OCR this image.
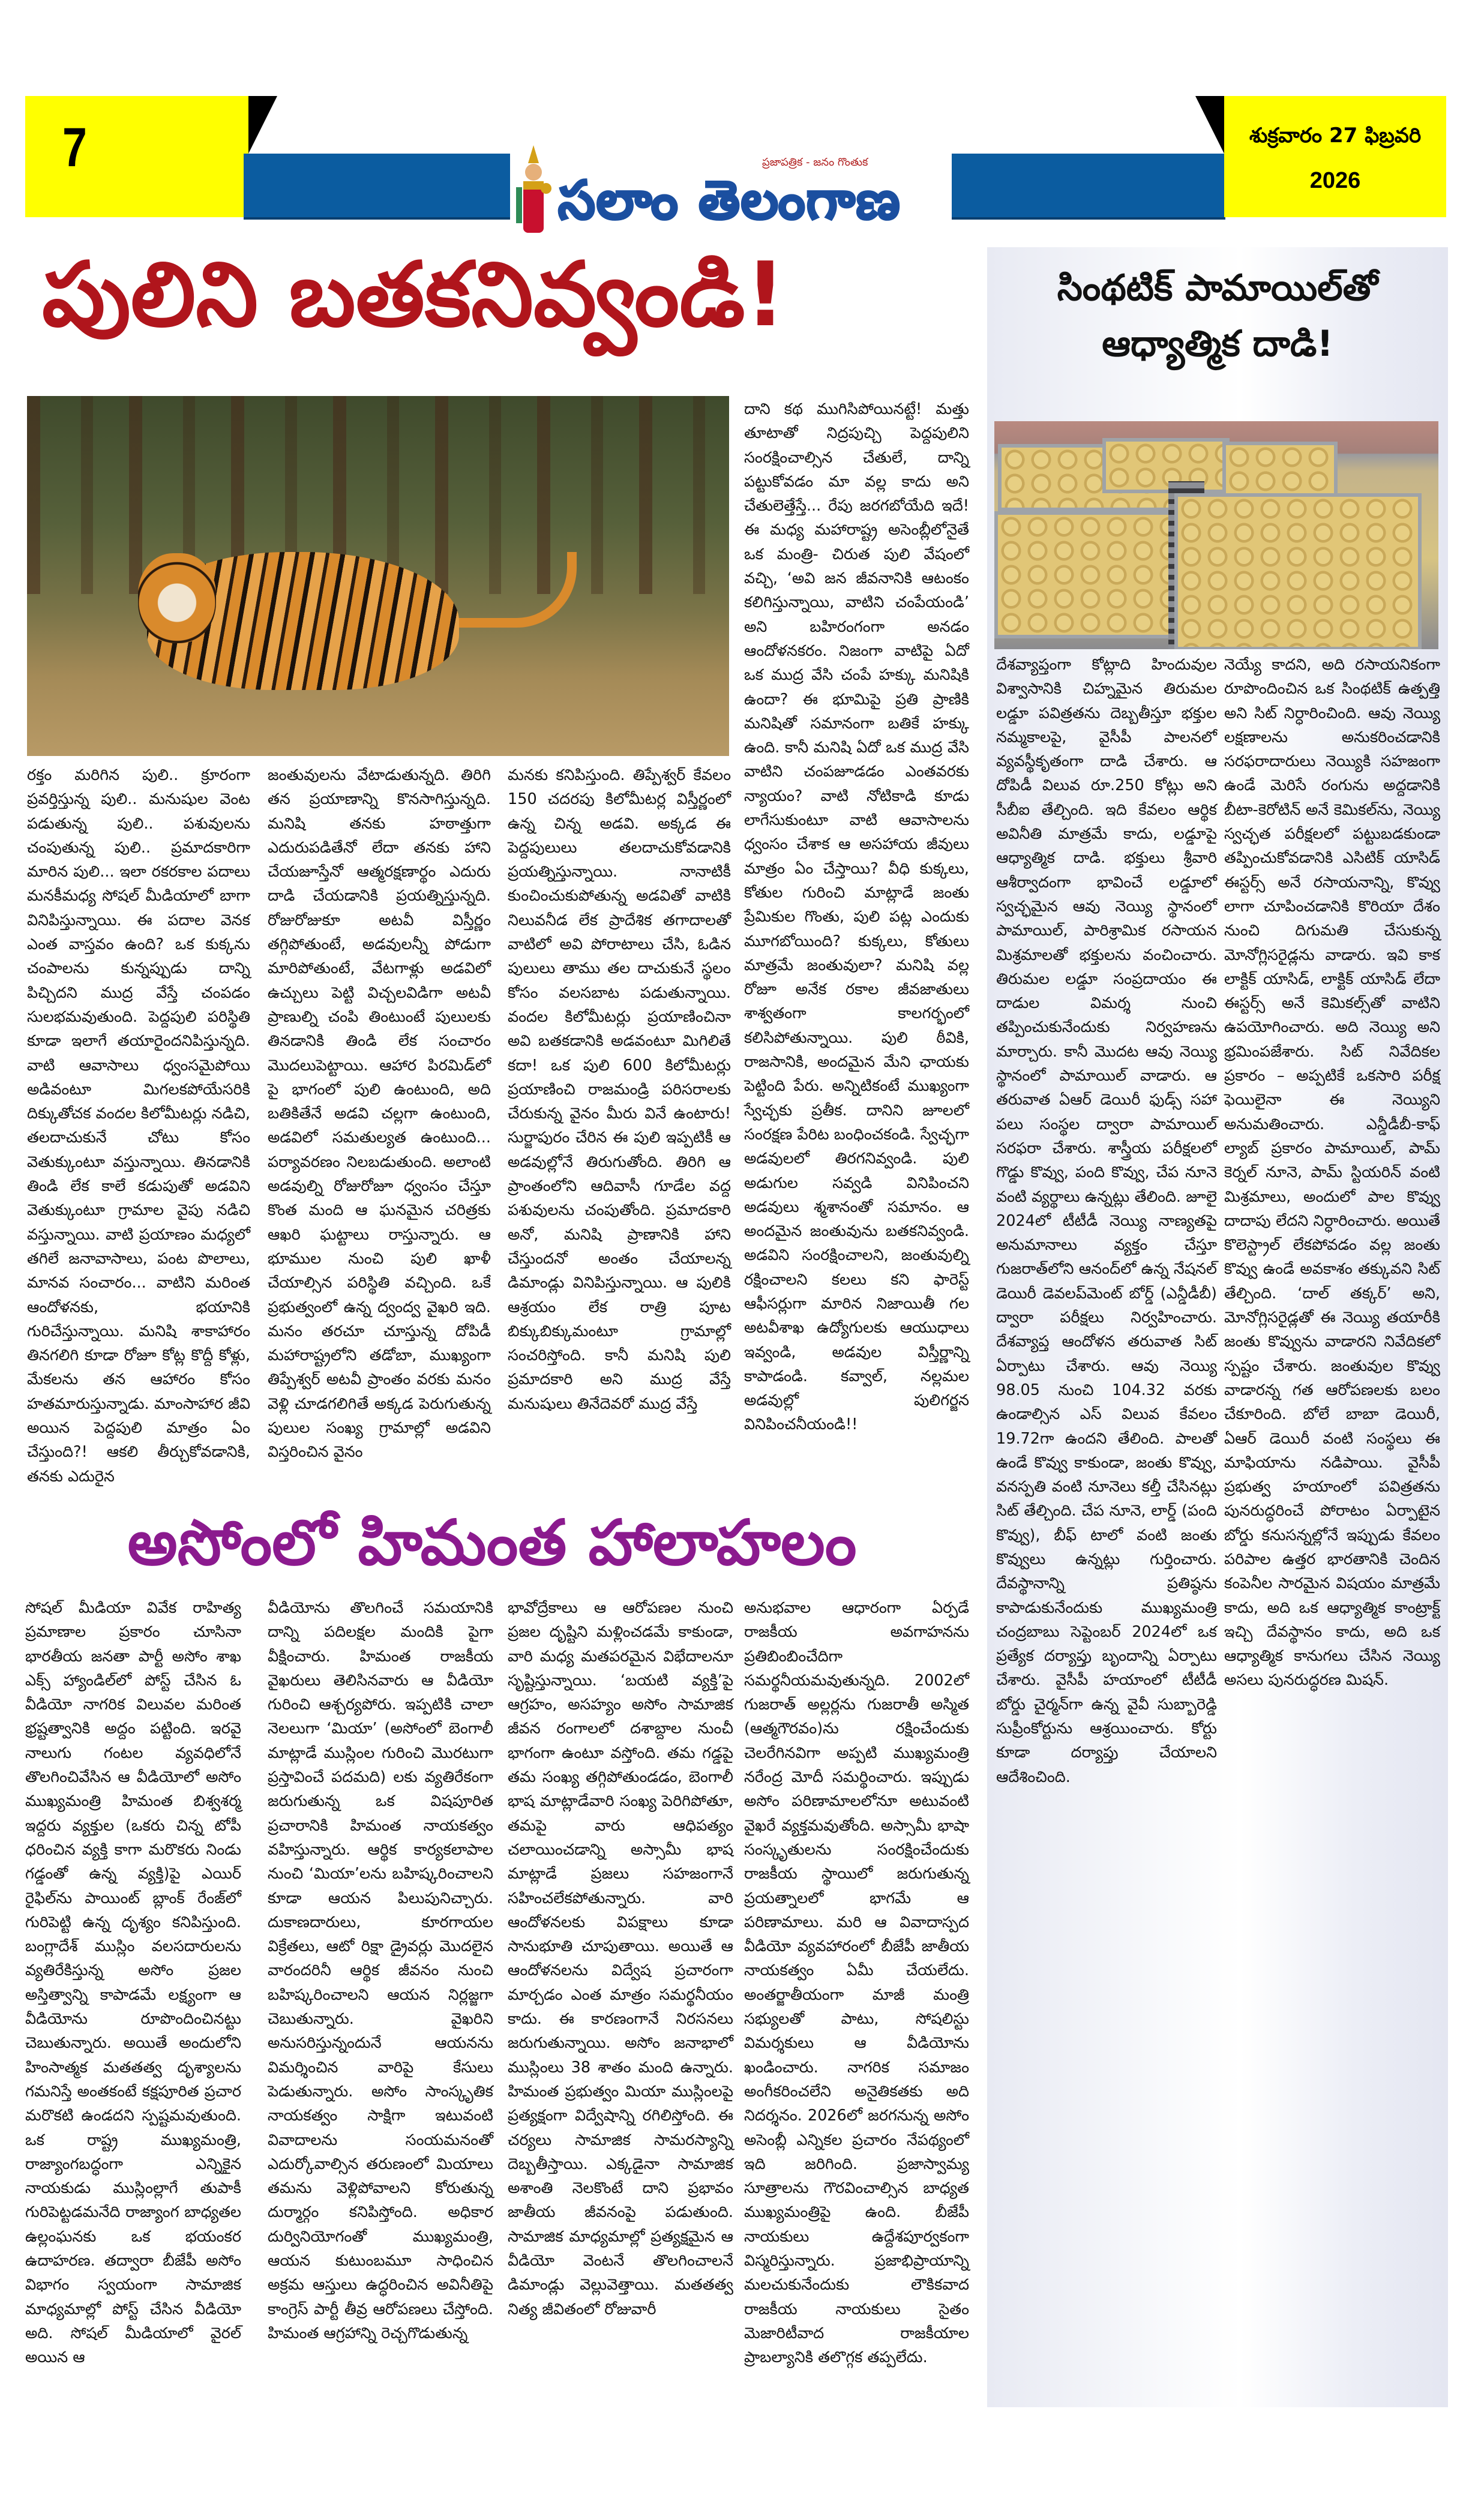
7	ప్రజాపత్రిక - జనం గొంతుక
సలాం తెలంగాణ
శుక్రవారం 27 ఫిబ్రవరి
2026
పులిని బతకనివ్వండి!

రక్తం మరిగిన పులి.. క్రూరంగా ప్రవర్తిస్తున్న పులి.. మనుషుల వెంట పడుతున్న పులి.. పశువులను చంపుతున్న పులి.. ప్రమాదకారిగా మారిన పులి... ఇలా రకరకాల పదాలు మనకీమధ్య సోషల్ మీడియాలో బాగా వినిపిస్తున్నాయి. ఈ పదాల వెనక ఎంత వాస్తవం ఉంది? ఒక కుక్కను చంపాలను కున్నప్పుడు దాన్ని పిచ్చిదని ముద్ర వేస్తే చంపడం సులభమవుతుంది. పెద్దపులి పరిస్థితి కూడా ఇలాగే తయారైందనిపిస్తున్నది. వాటి ఆవాసాలు ధ్వంసమైపోయి అడివంటూ మిగలకపోయేసరికి దిక్కుతోచక వందల కిలోమీటర్లు నడిచి, తలదాచుకునే చోటు కోసం వెతుక్కుంటూ వస్తున్నాయి. తినడానికి తిండి లేక కాలే కడుపుతో అడవిని వెతుక్కుంటూ గ్రామాల వైపు నడిచి వస్తున్నాయి. వాటి ప్రయాణం మధ్యలో తగిలే జనావాసాలు, పంట పొలాలు, మానవ సంచారం... వాటిని మరింత ఆందోళనకు, భయానికి గురిచేస్తున్నాయి. మనిషి శాకాహారం తినగలిగి కూడా రోజూ కోట్ల కొద్దీ కోళ్లు, మేకలను తన ఆహారం కోసం హతమారుస్తున్నాడు. మాంసాహార జీవి అయిన పెద్దపులి మాత్రం ఏం చేస్తుంది?! ఆకలి తీర్చుకోవడానికి, తనకు ఎదురైన

జంతువులను వేటాడుతున్నది. తిరిగి తన ప్రయాణాన్ని కొనసాగిస్తున్నది. మనిషి తనకు హఠాత్తుగా ఎదురుపడితేనో లేదా తనకు హాని చేయజూస్తేనో ఆత్మరక్షణార్థం ఎదురు దాడి చేయడానికి ప్రయత్నిస్తున్నది. రోజురోజుకూ అటవీ విస్తీర్ణం తగ్గిపోతుంటే, అడవులన్నీ పోడుగా మారిపోతుంటే, వేటగాళ్లు అడవిలో ఉచ్చులు పెట్టి విచ్చలవిడిగా అటవీ ప్రాణుల్ని చంపి తింటుంటే పులులకు తినడానికి తిండి లేక సంచారం మొదలుపెట్టాయి. ఆహార పిరమిడ్‌లో పై భాగంలో పులి ఉంటుంది, అది బతికితేనే అడవి చల్లగా ఉంటుంది, అడవిలో సమతుల్యత ఉంటుంది... పర్యావరణం నిలబడుతుంది. అలాంటి అడవుల్ని రోజురోజూ ధ్వంసం చేస్తూ కొంత మంది ఆ ఘనమైన చరిత్రకు ఆఖరి ఘట్టాలు రాస్తున్నారు. ఆ భూముల నుంచి పులి ఖాళీ చేయాల్సిన పరిస్థితి వచ్చింది. ఒకే ప్రభుత్వంలో ఉన్న ద్వంద్వ వైఖరి ఇది. మనం తరచూ చూస్తున్న దోపిడీ మహారాష్ట్రలోని తడోబా, ముఖ్యంగా తిప్పేశ్వర్ అటవీ ప్రాంతం వరకు మనం వెళ్లి చూడగలిగితే అక్కడ పెరుగుతున్న పులుల సంఖ్య గ్రామాల్లో అడవిని విస్తరించిన వైనం

మనకు కనిపిస్తుంది. తిప్పేశ్వర్ కేవలం 150 చదరపు కిలోమీటర్ల విస్తీర్ణంలో ఉన్న చిన్న అడవి. అక్కడ ఈ పెద్దపులులు తలదాచుకోవడానికి ప్రయత్నిస్తున్నాయి. నానాటికీ కుంచించుకుపోతున్న అడవితో వాటికి నిలువనీడ లేక ప్రాదేశిక తగాదాలతో వాటిలో అవి పోరాటాలు చేసి, ఓడిన పులులు తాము తల దాచుకునే స్థలం కోసం వలసబాట పడుతున్నాయి. వందల కిలోమీటర్లు ప్రయాణించినా అవి బతకడానికి అడవంటూ మిగిలితే కదా! ఒక పులి 600 కిలోమీటర్లు ప్రయాణించి రాజమండ్రి పరిసరాలకు చేరుకున్న వైనం మీరు వినే ఉంటారు! సుర్జాపురం చేరిన ఈ పులి ఇప్పటికీ ఆ అడవుల్లోనే తిరుగుతోంది. తిరిగి ఆ ప్రాంతంలోని ఆదివాసీ గూడేల వద్ద పశువులను చంపుతోంది. ప్రమాదకారి అనో, మనిషి ప్రాణానికి హాని చేస్తుందనో అంతం చేయాలన్న డిమాండ్లు వినిపిస్తున్నాయి. ఆ పులికి ఆశ్రయం లేక రాత్రి పూట బిక్కుబిక్కుమంటూ గ్రామాల్లో సంచరిస్తోంది. కానీ మనిషి పులి ప్రమాదకారి అని ముద్ర వేస్తే మనుషులు తినేదెవరో ముద్ర వేస్తే

దాని కథ ముగిసిపోయినట్టే! మత్తు తూటాతో నిద్రపుచ్చి పెద్దపులిని సంరక్షించాల్సిన చేతులే, దాన్ని పట్టుకోవడం మా వల్ల కాదు అని చేతులెత్తేస్తే... రేపు జరగబోయేది ఇదే! ఈ మధ్య మహారాష్ట్ర అసెంబ్లీలోనైతే ఒక మంత్రి- చిరుత పులి వేషంలో వచ్చి, ‘అవి జన జీవనానికి ఆటంకం కలిగిస్తున్నాయి, వాటిని చంపేయండి’ అని బహిరంగంగా అనడం ఆందోళనకరం. నిజంగా వాటిపై ఏదో ఒక ముద్ర వేసి చంపే హక్కు మనిషికి ఉందా? ఈ భూమిపై ప్రతి ప్రాణికి మనిషితో సమానంగా బతికే హక్కు ఉంది. కానీ మనిషి ఏదో ఒక ముద్ర వేసి వాటిని చంపజూడడం ఎంతవరకు న్యాయం? వాటి నోటికాడి కూడు లాగేసుకుంటూ వాటి ఆవాసాలను ధ్వంసం చేశాక ఆ అసహాయ జీవులు మాత్రం ఏం చేస్తాయి? వీధి కుక్కలు, కోతుల గురించి మాట్లాడే జంతు ప్రేమికుల గొంతు, పులి పట్ల ఎందుకు మూగబోయింది? కుక్కలు, కోతులు మాత్రమే జంతువులా? మనిషి వల్ల రోజూ అనేక రకాల జీవజాతులు శాశ్వతంగా కాలగర్భంలో కలిసిపోతున్నాయి. పులి ఠీవికి, రాజసానికి, అందమైన మేని ఛాయకు పెట్టింది పేరు. అన్నిటికంటే ముఖ్యంగా స్వేచ్ఛకు ప్రతీక. దానిని జూలలో సంరక్షణ పేరిట బంధించకండి. స్వేచ్ఛగా అడవులలో తిరగనివ్వండి. పులి అడుగుల సవ్వడి వినిపించని అడవులు శ్మశానంతో సమానం. ఆ అందమైన జంతువును బతకనివ్వండి. అడవిని సంరక్షించాలని, జంతువుల్ని రక్షించాలని కలలు కని ఫారెస్ట్ ఆఫీసర్లుగా మారిన నిజాయితీ గల అటవీశాఖ ఉద్యోగులకు ఆయుధాలు ఇవ్వండి, అడవుల విస్తీర్ణాన్ని కాపాడండి. కవ్వాల్, నల్లమల అడవుల్లో పులిగర్జన వినిపించనీయండి!!

అసోంలో హిమంత హాలాహలం

సోషల్ మీడియా వివేక రాహిత్య ప్రమాణాల ప్రకారం చూసినా భారతీయ జనతా పార్టీ అసోం శాఖ ఎక్స్ హ్యాండిల్‌లో పోస్ట్ చేసిన ఓ వీడియో నాగరిక విలువల మరింత భ్రష్టత్వానికి అద్దం పట్టింది. ఇరవై నాలుగు గంటల వ్యవధిలోనే తొలగించివేసిన ఆ వీడియోలో అసోం ముఖ్యమంత్రి హిమంత బిశ్వశర్మ ఇద్దరు వ్యక్తుల (ఒకరు చిన్న టోపీ ధరించిన వ్యక్తి కాగా మరొకరు నిండు గడ్డంతో ఉన్న వ్యక్తి)పై ఎయిర్ రైఫిల్‌ను పాయింట్ బ్లాంక్ రేంజ్‌లో గురిపెట్టి ఉన్న దృశ్యం కనిపిస్తుంది. బంగ్లాదేశ్ ముస్లిం వలసదారులను వ్యతిరేకిస్తున్న అసోం ప్రజల అస్తిత్వాన్ని కాపాడమే లక్ష్యంగా ఆ వీడియోను రూపొందించినట్టు చెబుతున్నారు. అయితే అందులోని హింసాత్మక మతతత్వ దృశ్యాలను గమనిస్తే అంతకంటే కక్షపూరిత ప్రచార మరొకటి ఉండదని స్పష్టమవుతుంది. ఒక రాష్ట్ర ముఖ్యమంత్రి, రాజ్యాంగబద్ధంగా ఎన్నికైన నాయకుడు ముస్లింల్లాగే తుపాకీ గురిపెట్టడమనేది రాజ్యాంగ బాధ్యతల ఉల్లంఘనకు ఒక భయంకర ఉదాహరణ. తద్వారా బీజేపీ అసోం విభాగం స్వయంగా సామాజిక మాధ్యమాల్లో పోస్ట్ చేసిన వీడియో అది. సోషల్ మీడియాలో వైరల్ అయిన ఆ

వీడియోను తొలగించే సమయానికి దాన్ని పదిలక్షల మందికి పైగా వీక్షించారు. హిమంత రాజకీయ వైఖరులు తెలిసినవారు ఆ వీడియో గురించి ఆశ్చర్యపోరు. ఇప్పటికి చాలా నెలలుగా ‘మియా’ (అసోంలో బెంగాలీ మాట్లాడే ముస్లింల గురించి మొరటుగా ప్రస్తావించే పదమది) లకు వ్యతిరేకంగా జరుగుతున్న ఒక విషపూరిత ప్రచారానికి హిమంత నాయకత్వం వహిస్తున్నారు. ఆర్థిక కార్యకలాపాల నుంచి ‘మియా’లను బహిష్కరించాలని కూడా ఆయన పిలుపునిచ్చారు. దుకాణదారులు, కూరగాయల విక్రేతలు, ఆటో రిక్షా డ్రైవర్లు మొదలైన వారందరినీ ఆర్థిక జీవనం నుంచి బహిష్కరించాలని ఆయన నిర్లజ్జగా చెబుతున్నారు. వైఖరిని అనుసరిస్తున్నందునే ఆయనను విమర్శించిన వారిపై కేసులు పెడుతున్నారు. అసోం సాంస్కృతిక నాయకత్వం సాక్షిగా ఇటువంటి వివాదాలను సంయమనంతో ఎదుర్కోవాల్సిన తరుణంలో మియాలు తమను వెళ్లిపోవాలని కోరుతున్న దుర్మార్గం కనిపిస్తోంది. అధికార దుర్వినియోగంతో ముఖ్యమంత్రి, ఆయన కుటుంబమూ సాధించిన అక్రమ ఆస్తులు ఉద్ధరించిన అవినీతిపై కాంగ్రెస్ పార్టీ తీవ్ర ఆరోపణలు చేస్తోంది. హిమంత ఆగ్రహాన్ని రెచ్చగొడుతున్న

భావోద్రేకాలు ఆ ఆరోపణల నుంచి ప్రజల దృష్టిని మళ్లించడమే కాకుండా, వారి మధ్య మతపరమైన విభేదాలనూ సృష్టిస్తున్నాయి. ‘బయటి వ్యక్తి’పై ఆగ్రహం, అసహ్యం అసోం సామాజిక జీవన రంగాలలో దశాబ్దాల నుంచీ భాగంగా ఉంటూ వస్తోంది. తమ గడ్డపై తమ సంఖ్య తగ్గిపోతుండడం, బెంగాలీ భాష మాట్లాడేవారి సంఖ్య పెరిగిపోతూ, తమపై వారు ఆధిపత్యం చలాయించడాన్ని అస్సామీ భాష మాట్లాడే ప్రజలు సహజంగానే సహించలేకపోతున్నారు. వారి ఆందోళనలకు విపక్షాలు కూడా సానుభూతి చూపుతాయి. అయితే ఆ ఆందోళనలను విద్వేష ప్రచారంగా మార్చడం ఎంత మాత్రం సమర్థనీయం కాదు. ఈ కారణంగానే నిరసనలు జరుగుతున్నాయి. అసోం జనాభాలో ముస్లింలు 38 శాతం మంది ఉన్నారు. హిమంత ప్రభుత్వం మియా ముస్లింలపై ప్రత్యక్షంగా విద్వేషాన్ని రగిలిస్తోంది. ఈ చర్యలు సామాజిక సామరస్యాన్ని దెబ్బతీస్తాయి. ఎక్కడైనా సామాజిక అశాంతి నెలకొంటే దాని ప్రభావం జాతీయ జీవనంపై పడుతుంది. సామాజిక మాధ్యమాల్లో ప్రత్యక్షమైన ఆ వీడియో వెంటనే తొలగించాలనే డిమాండ్లు వెల్లువెత్తాయి. మతతత్వ నిత్య జీవితంలో రోజువారీ

అనుభవాల ఆధారంగా ఏర్పడే రాజకీయ అవగాహనను ప్రతిబింబించేదిగా సమర్థనీయమవుతున్నది. 2002లో గుజరాత్ అల్లర్లను గుజరాతీ అస్మిత (ఆత్మగౌరవం)ను రక్షించేందుకు చెలరేగినవిగా అప్పటి ముఖ్యమంత్రి నరేంద్ర మోదీ సమర్థించారు. ఇప్పుడు అసోం పరిణామాలలోనూ అటువంటి వైఖరే వ్యక్తమవుతోంది. అస్సామీ భాషా సంస్కృతులను సంరక్షించేందుకు రాజకీయ స్థాయిలో జరుగుతున్న ప్రయత్నాలలో భాగమే ఆ పరిణామాలు. మరి ఆ వివాదాస్పద వీడియో వ్యవహారంలో బీజేపీ జాతీయ నాయకత్వం ఏమీ చేయలేదు. అంతర్జాతీయంగా మాజీ మంత్రి సభ్యులతో పాటు, సోషలిస్టు విమర్శకులు ఆ వీడియోను ఖండించారు. నాగరిక సమాజం అంగీకరించలేని అనైతికతకు అది నిదర్శనం. 2026లో జరగనున్న అసోం అసెంబ్లీ ఎన్నికల ప్రచారం నేపథ్యంలో ఇది జరిగింది. ప్రజాస్వామ్య సూత్రాలను గౌరవించాల్సిన బాధ్యత ముఖ్యమంత్రిపై ఉంది. బీజేపీ నాయకులు ఉద్దేశపూర్వకంగా విస్మరిస్తున్నారు. ప్రజాభిప్రాయాన్ని మలచుకునేందుకు లౌకికవాద రాజకీయ నాయకులు సైతం మెజారిటీవాద రాజకీయాల ప్రాబల్యానికి తలొగ్గక తప్పలేదు.

సింథటిక్ పామాయిల్‌తో
ఆధ్యాత్మిక దాడి!

దేశవ్యాప్తంగా కోట్లాది హిందువుల విశ్వాసానికి చిహ్నమైన తిరుమల లడ్డూ పవిత్రతను దెబ్బతీస్తూ భక్తుల నమ్మకాలపై, వైసీపీ పాలనలో వ్యవస్థీకృతంగా దాడి చేశారు. ఆ దోపిడీ విలువ రూ.250 కోట్లు అని సీబీఐ తేల్చింది. ఇది కేవలం ఆర్థిక అవినీతి మాత్రమే కాదు, లడ్డూపై ఆధ్యాత్మిక దాడి. భక్తులు శ్రీవారి ఆశీర్వాదంగా భావించే లడ్డూలో స్వచ్ఛమైన ఆవు నెయ్యి స్థానంలో పామాయిల్, పారిశ్రామిక రసాయన మిశ్రమాలతో భక్తులను వంచించారు. తిరుమల లడ్డూ సంప్రదాయం ఈ దాడుల విమర్శ నుంచి తప్పించుకునేందుకు నిర్వహణను మార్చారు. కానీ మొదట ఆవు నెయ్యి స్థానంలో పామాయిల్ వాడారు. ఆ తరువాత ఏఆర్ డెయిరీ ఫుడ్స్ సహా పలు సంస్థల ద్వారా పామాయిల్ సరఫరా చేశారు. శాస్త్రీయ పరీక్షలలో గొడ్డు కొవ్వు, పంది కొవ్వు, చేప నూనె వంటి వ్యర్థాలు ఉన్నట్లు తేలింది. జూలై 2024లో టీటీడీ నెయ్యి నాణ్యతపై అనుమానాలు వ్యక్తం చేస్తూ గుజరాత్‌లోని ఆనంద్‌లో ఉన్న నేషనల్ డెయిరీ డెవలప్‌మెంట్ బోర్డ్ (ఎన్డీడీబీ) ద్వారా పరీక్షలు నిర్వహించారు. దేశవ్యాప్త ఆందోళన తరువాత సిట్ ఏర్పాటు చేశారు. ఆవు నెయ్యి 98.05 నుంచి 104.32 వరకు ఉండాల్సిన ఎస్ విలువ కేవలం 19.72గా ఉందని తేలింది. పాలతో ఉండే కొవ్వు కాకుండా, జంతు కొవ్వు, వనస్పతి వంటి నూనెలు కల్తీ చేసినట్లు సిట్ తేల్చింది. చేప నూనె, లార్డ్ (పంది కొవ్వు), బీఫ్ టాలో వంటి జంతు కొవ్వులు ఉన్నట్లు గుర్తించారు. దేవస్థానాన్ని ప్రతిష్ఠను కాపాడుకునేందుకు ముఖ్యమంత్రి చంద్రబాబు సెప్టెంబర్ 2024లో ఒక ప్రత్యేక దర్యాప్తు బృందాన్ని ఏర్పాటు చేశారు. వైసీపీ హయాంలో టీటీడీ బోర్డు చైర్మన్‌గా ఉన్న వైవీ సుబ్బారెడ్డి సుప్రీంకోర్టును ఆశ్రయించారు. కోర్టు కూడా దర్యాప్తు చేయాలని ఆదేశించింది.

నెయ్యే కాదని, అది రసాయనికంగా రూపొందించిన ఒక సింథటిక్ ఉత్పత్తి అని సిట్ నిర్ధారించింది. ఆవు నెయ్యి లక్షణాలను అనుకరించడానికి సరఫరాదారులు నెయ్యికి సహజంగా ఉండే మెరిసే రంగును అద్దడానికి బీటా-కెరోటిన్ అనే కెమికల్‌ను, నెయ్యి స్వచ్ఛత పరీక్షలలో పట్టుబడకుండా తప్పించుకోవడానికి ఎసిటిక్ యాసిడ్ ఈస్టర్స్ అనే రసాయనాన్ని, కొవ్వు లాగా చూపించడానికి కొరియా దేశం నుంచి దిగుమతి చేసుకున్న మోనోగ్లిసరైడ్లను వాడారు. ఇవి కాక లాక్టిక్ యాసిడ్, లాక్టిక్ యాసిడ్ లేదా ఈస్టర్స్ అనే కెమికల్స్‌తో వాటిని ఉపయోగించారు. అది నెయ్యి అని భ్రమింపజేశారు. సిట్ నివేదికల ప్రకారం – అప్పటికే ఒకసారి పరీక్ష ఫెయిలైనా ఈ నెయ్యిని అనుమతించారు. ఎన్డీడీబీ-కాఫ్ ల్యాబ్ ప్రకారం పామాయిల్, పామ్ కెర్నల్ నూనె, పామ్ స్టియరిన్ వంటి మిశ్రమాలు, అందులో పాల కొవ్వు దాదాపు లేదని నిర్ధారించారు. అయితే కొలెస్ట్రాల్ లేకపోవడం వల్ల జంతు కొవ్వు ఉండే అవకాశం తక్కువని సిట్ తేల్చింది. ‘దాల్ తక్కర్’ అని, మోనోగ్లిసరైడ్లతో ఈ నెయ్యి తయారీకి జంతు కొవ్వును వాడారని నివేదికలో స్పష్టం చేశారు. జంతువుల కొవ్వు వాడారన్న గత ఆరోపణలకు బలం చేకూరింది. బోలే బాబా డెయిరీ, ఏఆర్ డెయిరీ వంటి సంస్థలు ఈ మాఫియాను నడిపాయి. వైసీపీ ప్రభుత్వ హయాంలో పవిత్రతను పునరుద్ధరించే పోరాటం ఏర్పాటైన బోర్డు కనుసన్నల్లోనే ఇప్పుడు కేవలం పరిపాల ఉత్తర భారతానికి చెందిన కంపెనీల సారమైన విషయం మాత్రమే కాదు, అది ఒక ఆధ్యాత్మిక కాంట్రాక్ట్ ఇచ్చి దేవస్థానం కాదు, అది ఒక ఆధ్యాత్మిక కానుగలు చేసిన నెయ్యి అసలు పునరుద్ధరణ మిషన్.
